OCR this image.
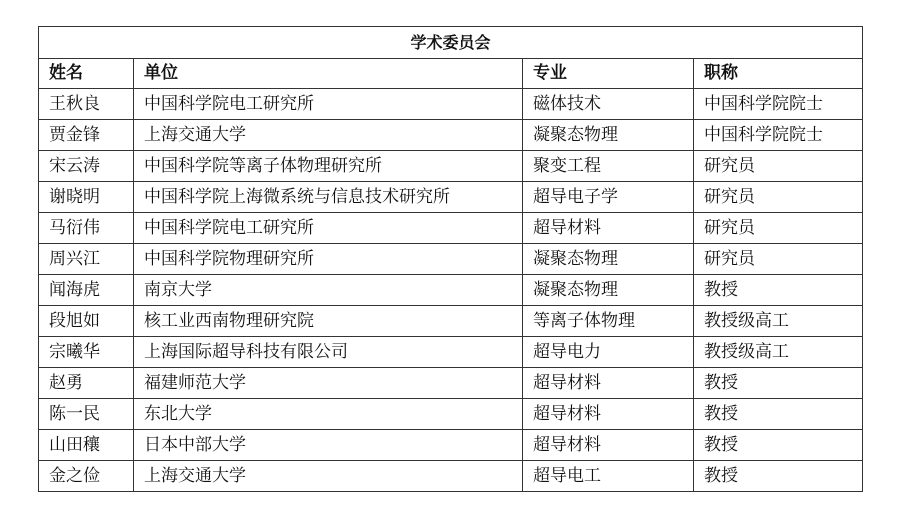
学术委员会			
姓名	单位	专业	职称
王秋良	中国科学院电工研究所	磁体技术	中国科学院院士
贾金锋	上海交通大学	凝聚态物理	中国科学院院士
宋云涛	中国科学院等离子体物理研究所	聚变工程	研究员
谢晓明	中国科学院上海微系统与信息技术研究所	超导电子学	研究员
马衍伟	中国科学院电工研究所	超导材料	研究员
周兴江	中国科学院物理研究所	凝聚态物理	研究员
闻海虎	南京大学	凝聚态物理	教授
段旭如	核工业西南物理研究院	等离子体物理	教授级高工
宗曦华	上海国际超导科技有限公司	超导电力	教授级高工
赵勇	福建师范大学	超导材料	教授
陈一民	东北大学	超导材料	教授
山田穰	日本中部大学	超导材料	教授
金之俭	上海交通大学	超导电工	教授
